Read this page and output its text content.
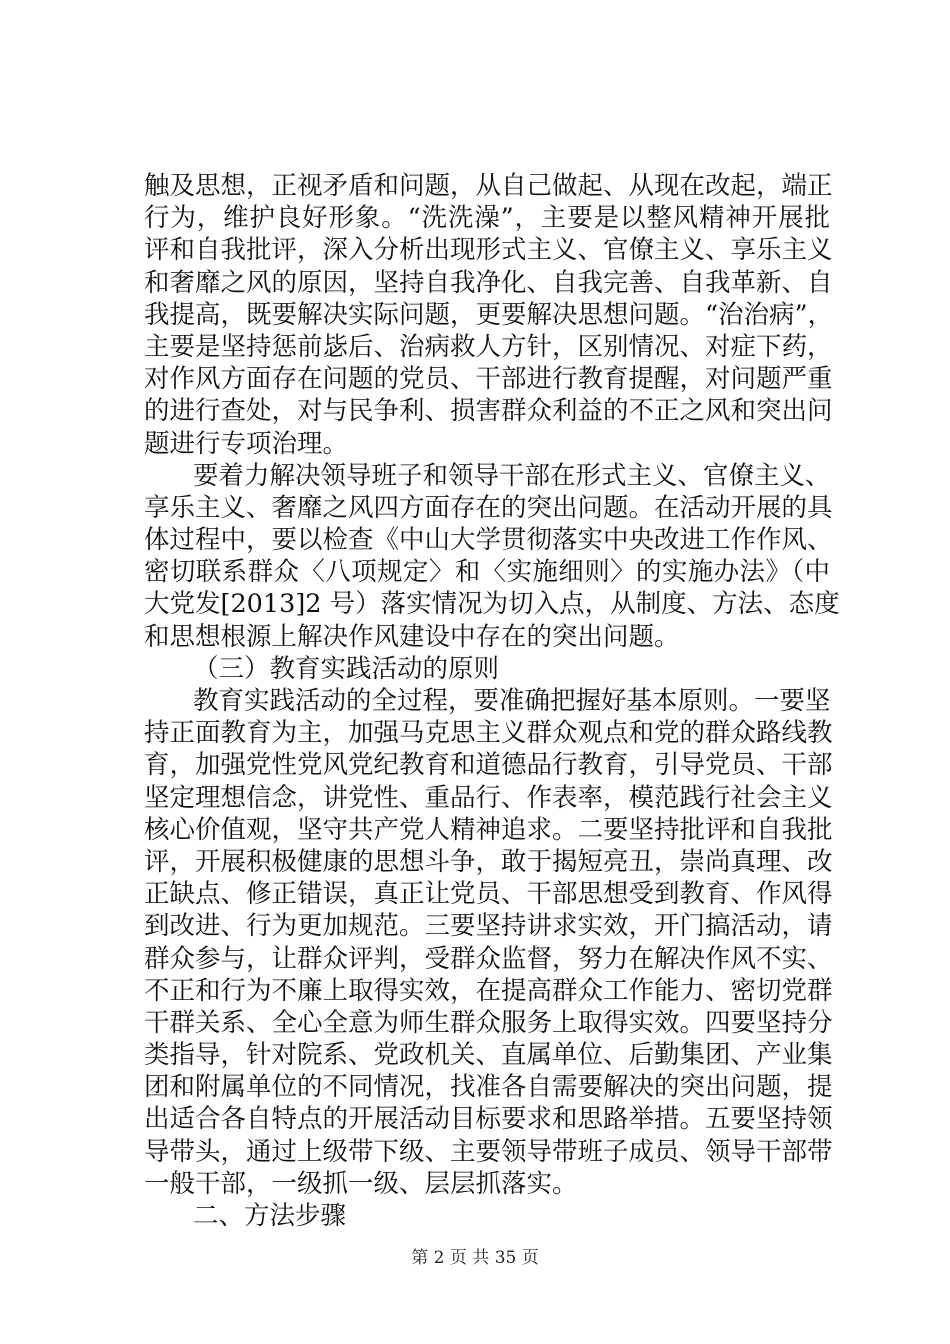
触及思想，正视矛盾和问题，从自己做起、从现在改起，端正
行为，维护良好形象。“洗洗澡”，主要是以整风精神开展批
评和自我批评，深入分析出现形式主义、官僚主义、享乐主义
和奢靡之风的原因，坚持自我净化、自我完善、自我革新、自
我提高，既要解决实际问题，更要解决思想问题。“治治病”，
主要是坚持惩前毖后、治病救人方针，区别情况、对症下药，
对作风方面存在问题的党员、干部进行教育提醒，对问题严重
的进行查处，对与民争利、损害群众利益的不正之风和突出问
题进行专项治理。
要着力解决领导班子和领导干部在形式主义、官僚主义、
享乐主义、奢靡之风四方面存在的突出问题。在活动开展的具
体过程中，要以检查《中山大学贯彻落实中央改进工作作风、
密切联系群众〈八项规定〉和〈实施细则〉的实施办法》（中
大党发[2013]2 号）落实情况为切入点，从制度、方法、态度
和思想根源上解决作风建设中存在的突出问题。
（三）教育实践活动的原则
教育实践活动的全过程，要准确把握好基本原则。一要坚
持正面教育为主，加强马克思主义群众观点和党的群众路线教
育，加强党性党风党纪教育和道德品行教育，引导党员、干部
坚定理想信念，讲党性、重品行、作表率，模范践行社会主义
核心价值观，坚守共产党人精神追求。二要坚持批评和自我批
评，开展积极健康的思想斗争，敢于揭短亮丑，崇尚真理、改
正缺点、修正错误，真正让党员、干部思想受到教育、作风得
到改进、行为更加规范。三要坚持讲求实效，开门搞活动，请
群众参与，让群众评判，受群众监督，努力在解决作风不实、
不正和行为不廉上取得实效，在提高群众工作能力、密切党群
干群关系、全心全意为师生群众服务上取得实效。四要坚持分
类指导，针对院系、党政机关、直属单位、后勤集团、产业集
团和附属单位的不同情况，找准各自需要解决的突出问题，提
出适合各自特点的开展活动目标要求和思路举措。五要坚持领
导带头，通过上级带下级、主要领导带班子成员、领导干部带
一般干部，一级抓一级、层层抓落实。
二、方法步骤
第 2 页 共 35 页
